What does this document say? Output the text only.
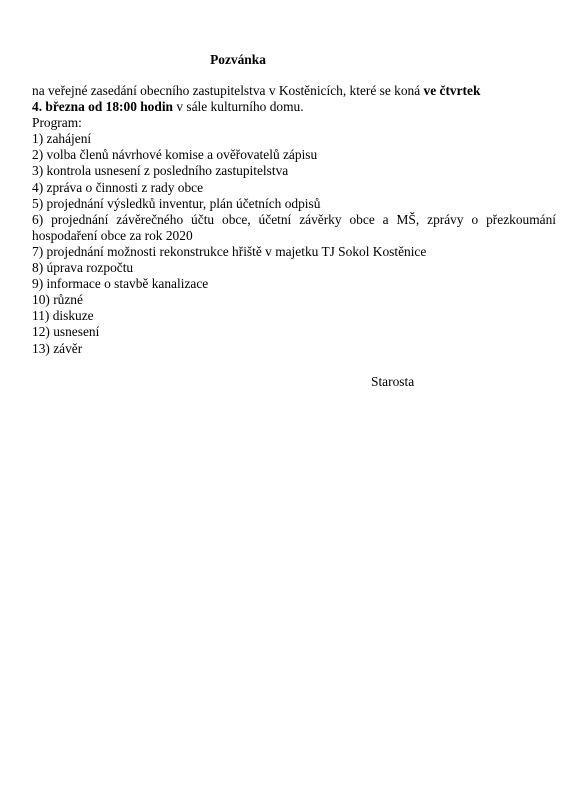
Pozvánka

na veřejné zasedání obecního zastupitelstva v Kostěnicích, které se koná ve čtvrtek
4. března od 18:00 hodin v sále kulturního domu.

Program:

1) zahájení

2) volba členů návrhové komise a ověřovatelů zápisu

3) kontrola usnesení z posledního zastupitelstva

4) zpráva o činnosti z rady obce

5) projednání výsledků inventur, plán účetních odpisů

6) projednání závěrečného účtu obce, účetní závěrky obce a MŠ, zprávy o přezkoumání hospodaření obce za rok 2020

7) projednání možnosti rekonstrukce hřiště v majetku TJ Sokol Kostěnice

8) úprava rozpočtu

9) informace o stavbě kanalizace

10) různé

11) diskuze

12) usnesení

13) závěr

Starosta
